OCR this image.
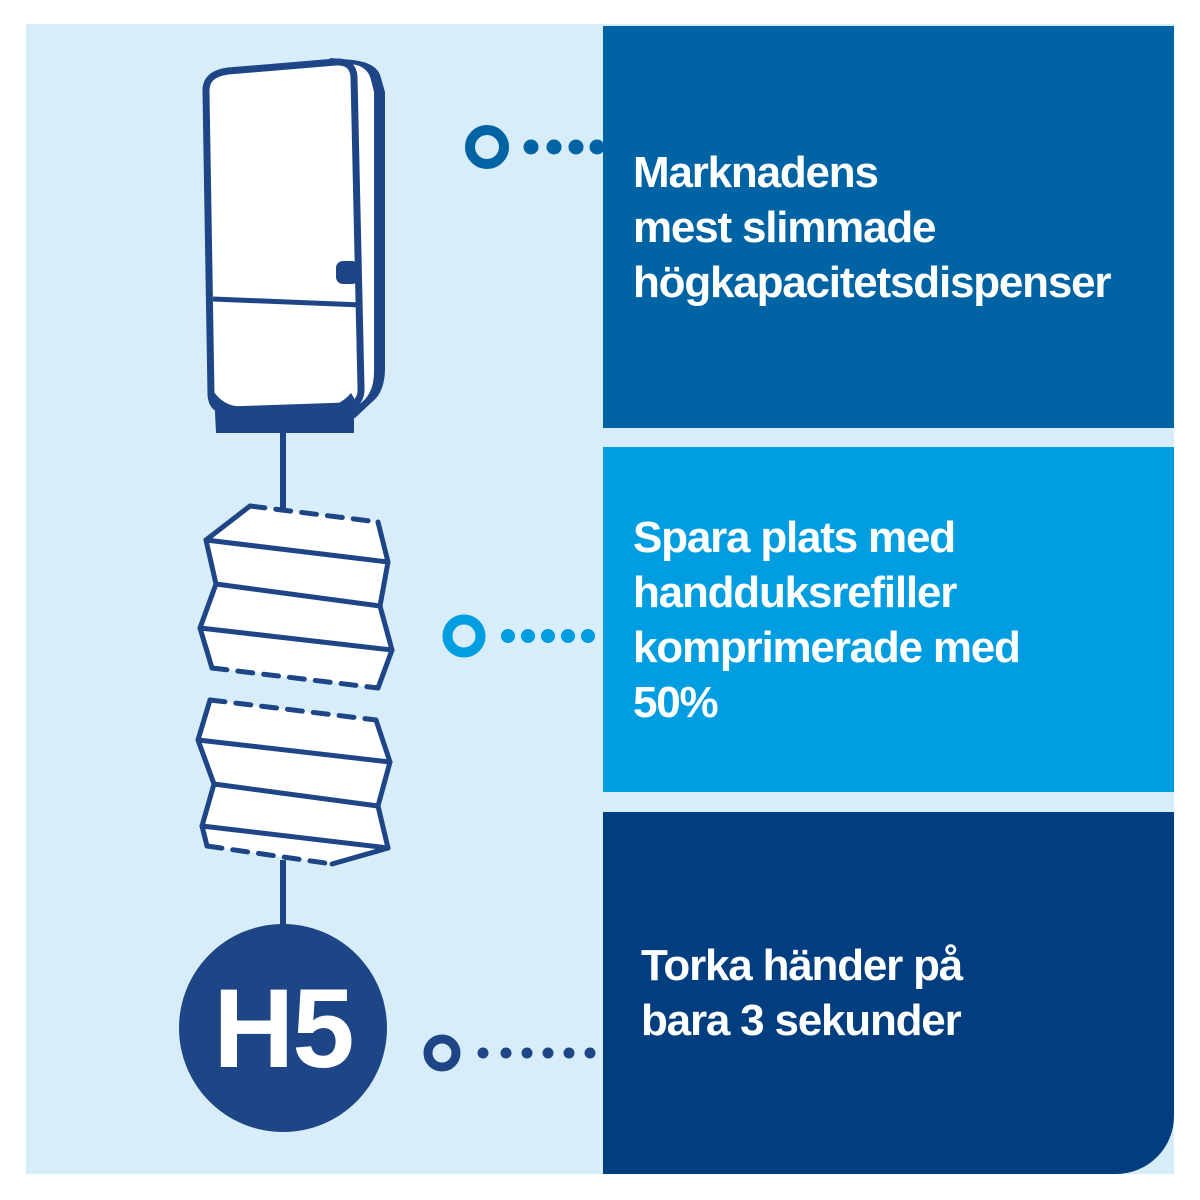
H5
Marknadens
mest slimmade
högkapacitetsdispenser
Spara plats med
handduksrefiller
komprimerade med
50%
Torka händer på
bara 3 sekunder
